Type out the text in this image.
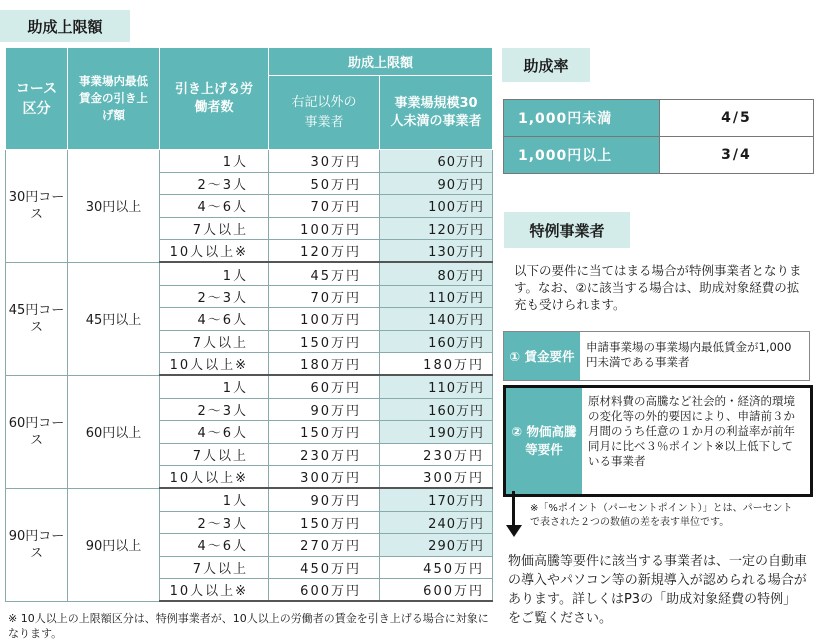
助成上限額
コース区分	事業場内最低賃金の引き上げ額	引き上げる労働者数	助成上限額	

			右記以外の事業者	事業場規模30人未満の事業者

30円コース	30円以上	1人	30万円	60万円
		2～3人	50万円	90万円
		4～6人	70万円	100万円
		7人以上	100万円	120万円
		10人以上※	120万円	130万円
45円コース	45円以上	1人	45万円	80万円
		2～3人	70万円	110万円
		4～6人	100万円	140万円
		7人以上	150万円	160万円
		10人以上※	180万円	180万円
60円コース	60円以上	1人	60万円	110万円
		2～3人	90万円	160万円
		4～6人	150万円	190万円
		7人以上	230万円	230万円
		10人以上※	300万円	300万円
90円コース	90円以上	1人	90万円	170万円
		2～3人	150万円	240万円
		4～6人	270万円	290万円
		7人以上	450万円	450万円
		10人以上※	600万円	600万円
※ 10人以上の上限額区分は、特例事業者が、10人以上の労働者の賃金を引き上げる場合に対象になります。
助成率
1,000円未満	4/5
1,000円以上	3/4
特例事業者
以下の要件に当てはまる場合が特例事業者となります。なお、②に該当する場合は、助成対象経費の拡充も受けられます。
① 賃金要件
申請事業場の事業場内最低賃金が1,000円未満である事業者
② 物価高騰等要件
原材料費の高騰など社会的・経済的環境の変化等の外的要因により、申請前３か月間のうち任意の１か月の利益率が前年同月に比べ３％ポイント※以上低下している事業者
※「%ポイント（パーセントポイント）」とは、パーセントで表された２つの数値の差を表す単位です。
物価高騰等要件に該当する事業者は、一定の自動車の導入やパソコン等の新規導入が認められる場合があります。詳しくはP3の「助成対象経費の特例」をご覧ください。
